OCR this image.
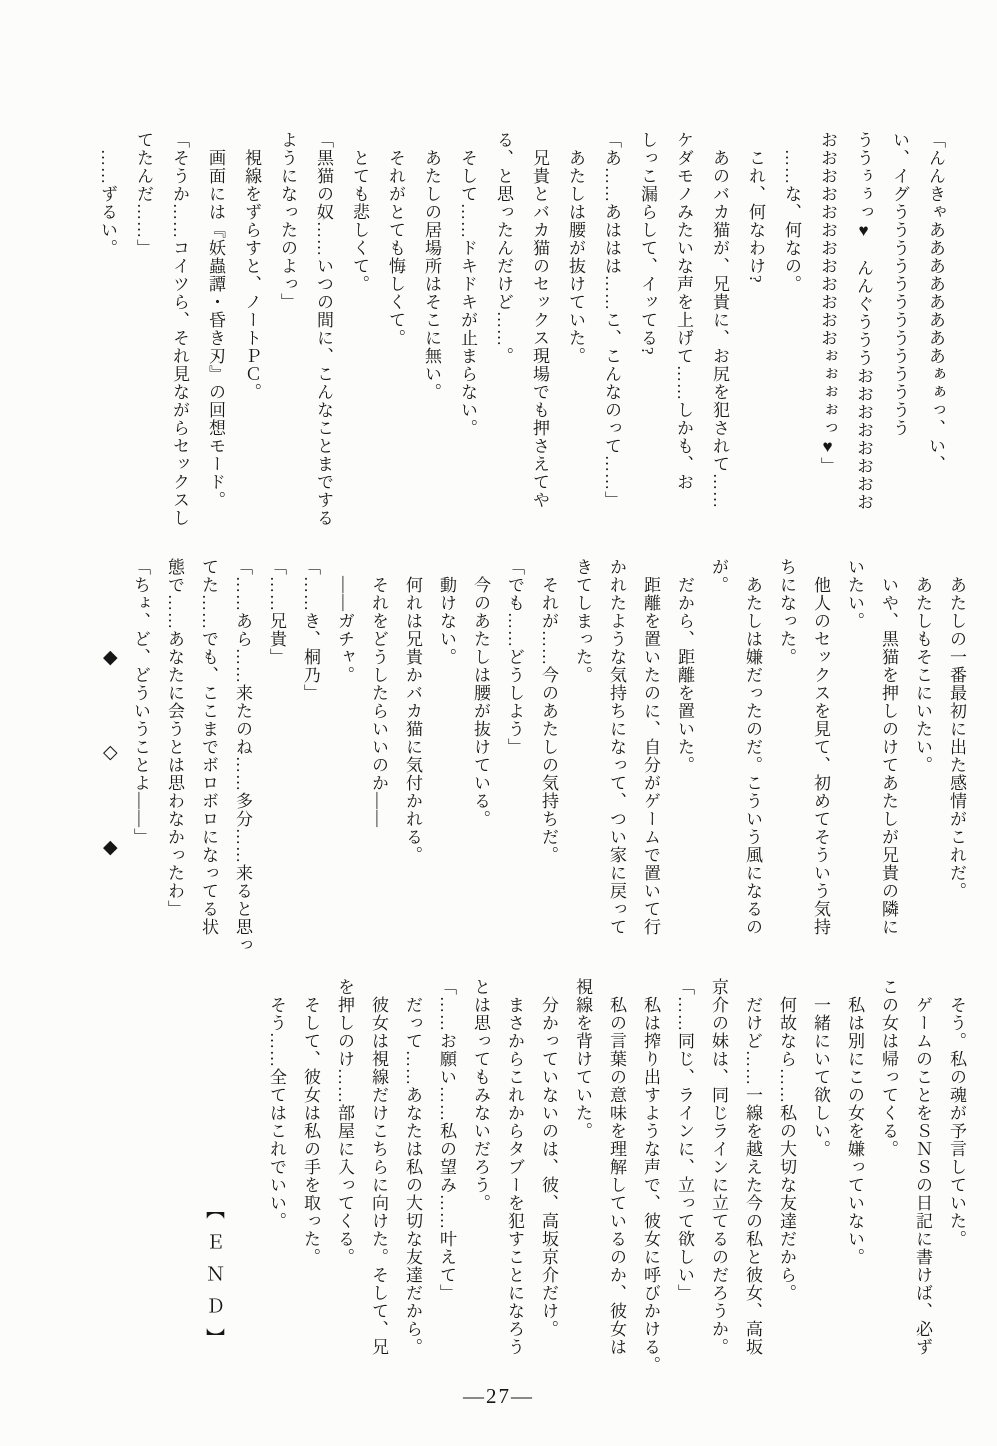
「んんきゃああああああああぁぁっ、い、
い、イグううううううううううううう
ううぅぅっ♥　んんぐうううおおおおおおおお
おおおおおおおおおおおおぉぉぉぉっ♥」
　……な、何なの。
　これ、何なわけ?
　あのバカ猫が、兄貴に、お尻を犯されて……
ケダモノみたいな声を上げて……しかも、お
しっこ漏らして、イッてる?
「あ……あははは……こ、こんなのって……」
　あたしは腰が抜けていた。
　兄貴とバカ猫のセックス現場でも押さえてや
る、と思ったんだけど……。
　そして……ドキドキが止まらない。
　あたしの居場所はそこに無い。
　それがとても悔しくて。
　とても悲しくて。
「黒猫の奴……いつの間に、こんなことまでする
ようになったのよっ」
　視線をずらすと、ノートＰＣ。
　画面には『妖蟲譚・昏き刃』の回想モード。
「そうか……コイツら、それ見ながらセックスし
てたんだ……」
　……ずるい。
　あたしの一番最初に出た感情がこれだ。
　あたしもそこにいたい。
　いや、黒猫を押しのけてあたしが兄貴の隣に
いたい。
　他人のセックスを見て、初めてそういう気持
ちになった。
　あたしは嫌だったのだ。こういう風になるの
が。
　だから、距離を置いた。
　距離を置いたのに、自分がゲームで置いて行
かれたような気持ちになって、つい家に戻って
きてしまった。
　それが……今のあたしの気持ちだ。
「でも……どうしよう」
　今のあたしは腰が抜けている。
　動けない。
　何れは兄貴かバカ猫に気付かれる。
　それをどうしたらいいのか――
　――ガチャ。
「……き、桐乃」
「……兄貴」
「……あら……来たのね……多分……来ると思っ
てた……でも、ここまでボロボロになってる状
態で……あなたに会うとは思わなかったわ」
「ちょ、ど、どういうことよ――」
◆
◇
◆
　そう。私の魂が予言していた。
　ゲームのことをＳＮＳの日記に書けば、必ず
この女は帰ってくる。
　私は別にこの女を嫌っていない。
　一緒にいて欲しい。
　何故なら……私の大切な友達だから。
　だけど……一線を越えた今の私と彼女、高坂
京介の妹は、同じラインに立てるのだろうか。
「……同じ、ラインに、立って欲しい」
　私は搾り出すような声で、彼女に呼びかける。
　私の言葉の意味を理解しているのか、彼女は
視線を背けていた。
　分かっていないのは、彼、高坂京介だけ。
　まさからこれからタブーを犯すことになろう
とは思ってもみないだろう。
「……お願い……私の望み……叶えて」
　だって……あなたは私の大切な友達だから。
　彼女は視線だけこちらに向けた。そして、兄
を押しのけ……部屋に入ってくる。
　そして、彼女は私の手を取った。
　そう……全てはこれでいい。
【ＥＮＤ】
―27―
